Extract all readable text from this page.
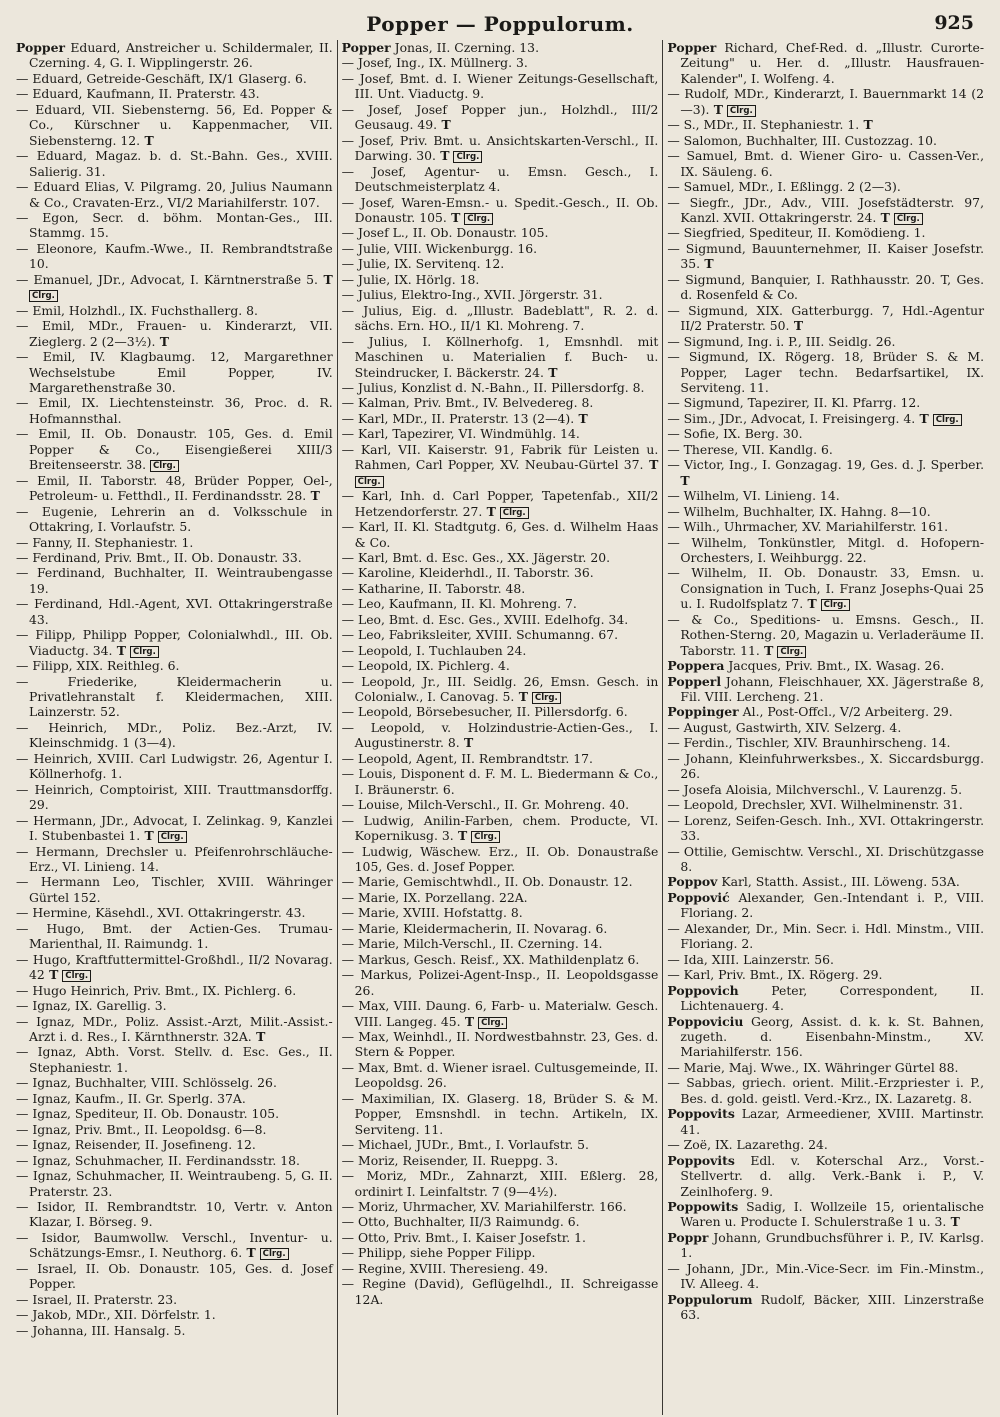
Popper — Poppulorum.	925
Popper Eduard, Anstreicher u. Schildermaler, II. Czerning. 4, G. I. Wipplingerstr. 26.
— Eduard, Getreide-Geschäft, IX/1 Glaserg. 6.
— Eduard, Kaufmann, II. Praterstr. 43.
— Eduard, VII. Siebensterng. 56, Ed. Popper & Co., Kürschner u. Kappenmacher, VII. Siebensterng. 12. T
— Eduard, Magaz. b. d. St.-Bahn. Ges., XVIII. Salierig. 31.
— Eduard Elias, V. Pilgramg. 20, Julius Naumann & Co., Cravaten-Erz., VI/2 Mariahilferstr. 107.
— Egon, Secr. d. böhm. Montan-Ges., III. Stammg. 15.
— Eleonore, Kaufm.-Wwe., II. Rembrandtstraße 10.
— Emanuel, JDr., Advocat, I. Kärntnerstraße 5. T Clrg.
— Emil, Holzhdl., IX. Fuchsthallerg. 8.
— Emil, MDr., Frauen- u. Kinderarzt, VII. Zieglerg. 2 (2—3½). T
— Emil, IV. Klagbaumg. 12, Margarethner Wechselstube Emil Popper, IV. Margarethenstraße 30.
— Emil, IX. Liechtensteinstr. 36, Proc. d. R. Hofmannsthal.
— Emil, II. Ob. Donaustr. 105, Ges. d. Emil Popper & Co., Eisengießerei XIII/3 Breitenseerstr. 38. Clrg.
— Emil, II. Taborstr. 48, Brüder Popper, Oel-, Petroleum- u. Fetthdl., II. Ferdinandsstr. 28. T
— Eugenie, Lehrerin an d. Volksschule in Ottakring, I. Vorlaufstr. 5.
— Fanny, II. Stephaniestr. 1.
— Ferdinand, Priv. Bmt., II. Ob. Donaustr. 33.
— Ferdinand, Buchhalter, II. Weintraubengasse 19.
— Ferdinand, Hdl.-Agent, XVI. Ottakringerstraße 43.
— Filipp, Philipp Popper, Colonialwhdl., III. Ob. Viaductg. 34. T Clrg.
— Filipp, XIX. Reithleg. 6.
— Friederike, Kleidermacherin u. Privatlehranstalt f. Kleidermachen, XIII. Lainzerstr. 52.
— Heinrich, MDr., Poliz. Bez.-Arzt, IV. Kleinschmidg. 1 (3—4).
— Heinrich, XVIII. Carl Ludwigstr. 26, Agentur I. Köllnerhofg. 1.
— Heinrich, Comptoirist, XIII. Trauttmansdorffg. 29.
— Hermann, JDr., Advocat, I. Zelinkag. 9, Kanzlei I. Stubenbastei 1. T Clrg.
— Hermann, Drechsler u. Pfeifenrohrschläuche-Erz., VI. Linieng. 14.
— Hermann Leo, Tischler, XVIII. Währinger Gürtel 152.
— Hermine, Käsehdl., XVI. Ottakringerstr. 43.
— Hugo, Bmt. der Actien-Ges. Trumau-Marienthal, II. Raimundg. 1.
— Hugo, Kraftfuttermittel-Großhdl., II/2 Novarag. 42 T Clrg.
— Hugo Heinrich, Priv. Bmt., IX. Pichlerg. 6.
— Ignaz, IX. Garellig. 3.
— Ignaz, MDr., Poliz. Assist.-Arzt, Milit.-Assist.-Arzt i. d. Res., I. Kärnthnerstr. 32A. T
— Ignaz, Abth. Vorst. Stellv. d. Esc. Ges., II. Stephaniestr. 1.
— Ignaz, Buchhalter, VIII. Schlösselg. 26.
— Ignaz, Kaufm., II. Gr. Sperlg. 37A.
— Ignaz, Spediteur, II. Ob. Donaustr. 105.
— Ignaz, Priv. Bmt., II. Leopoldsg. 6—8.
— Ignaz, Reisender, II. Josefineng. 12.
— Ignaz, Schuhmacher, II. Ferdinandsstr. 18.
— Ignaz, Schuhmacher, II. Weintraubeng. 5, G. II. Praterstr. 23.
— Isidor, II. Rembrandtstr. 10, Vertr. v. Anton Klazar, I. Börseg. 9.
— Isidor, Baumwollw. Verschl., Inventur- u. Schätzungs-Emsr., I. Neuthorg. 6. T Clrg.
— Israel, II. Ob. Donaustr. 105, Ges. d. Josef Popper.
— Israel, II. Praterstr. 23.
— Jakob, MDr., XII. Dörfelstr. 1.
— Johanna, III. Hansalg. 5.
Popper Jonas, II. Czerning. 13.
— Josef, Ing., IX. Müllnerg. 3.
— Josef, Bmt. d. I. Wiener Zeitungs-Gesellschaft, III. Unt. Viaductg. 9.
— Josef, Josef Popper jun., Holzhdl., III/2 Geusaug. 49. T
— Josef, Priv. Bmt. u. Ansichtskarten-Verschl., II. Darwing. 30. T Clrg.
— Josef, Agentur- u. Emsn. Gesch., I. Deutschmeisterplatz 4.
— Josef, Waren-Emsn.- u. Spedit.-Gesch., II. Ob. Donaustr. 105. T Clrg.
— Josef L., II. Ob. Donaustr. 105.
— Julie, VIII. Wickenburgg. 16.
— Julie, IX. Servitenq. 12.
— Julie, IX. Hörlg. 18.
— Julius, Elektro-Ing., XVII. Jörgerstr. 31.
— Julius, Eig. d. „Illustr. Badeblatt", R. 2. d. sächs. Ern. HO., II/1 Kl. Mohreng. 7.
— Julius, I. Köllnerhofg. 1, Emsnhdl. mit Maschinen u. Materialien f. Buch- u. Steindrucker, I. Bäckerstr. 24. T
— Julius, Konzlist d. N.-Bahn., II. Pillersdorfg. 8.
— Kalman, Priv. Bmt., IV. Belvedereg. 8.
— Karl, MDr., II. Praterstr. 13 (2—4). T
— Karl, Tapezirer, VI. Windmühlg. 14.
— Karl, VII. Kaiserstr. 91, Fabrik für Leisten u. Rahmen, Carl Popper, XV. Neubau-Gürtel 37. T Clrg.
— Karl, Inh. d. Carl Popper, Tapetenfab., XII/2 Hetzendorferstr. 27. T Clrg.
— Karl, II. Kl. Stadtgutg. 6, Ges. d. Wilhelm Haas & Co.
— Karl, Bmt. d. Esc. Ges., XX. Jägerstr. 20.
— Karoline, Kleiderhdl., II. Taborstr. 36.
— Katharine, II. Taborstr. 48.
— Leo, Kaufmann, II. Kl. Mohreng. 7.
— Leo, Bmt. d. Esc. Ges., XVIII. Edelhofg. 34.
— Leo, Fabriksleiter, XVIII. Schumanng. 67.
— Leopold, I. Tuchlauben 24.
— Leopold, IX. Pichlerg. 4.
— Leopold, Jr., III. Seidlg. 26, Emsn. Gesch. in Colonialw., I. Canovag. 5. T Clrg.
— Leopold, Börsebesucher, II. Pillersdorfg. 6.
— Leopold, v. Holzindustrie-Actien-Ges., I. Augustinerstr. 8. T
— Leopold, Agent, II. Rembrandtstr. 17.
— Louis, Disponent d. F. M. L. Biedermann & Co., I. Bräunerstr. 6.
— Louise, Milch-Verschl., II. Gr. Mohreng. 40.
— Ludwig, Anilin-Farben, chem. Producte, VI. Kopernikusg. 3. T Clrg.
— Ludwig, Wäschew. Erz., II. Ob. Donaustraße 105, Ges. d. Josef Popper.
— Marie, Gemischtwhdl., II. Ob. Donaustr. 12.
— Marie, IX. Porzellang. 22A.
— Marie, XVIII. Hofstattg. 8.
— Marie, Kleidermacherin, II. Novarag. 6.
— Marie, Milch-Verschl., II. Czerning. 14.
— Markus, Gesch. Reisf., XX. Mathildenplatz 6.
— Markus, Polizei-Agent-Insp., II. Leopoldsgasse 26.
— Max, VIII. Daung. 6, Farb- u. Materialw. Gesch. VIII. Langeg. 45. T Clrg.
— Max, Weinhdl., II. Nordwestbahnstr. 23, Ges. d. Stern & Popper.
— Max, Bmt. d. Wiener israel. Cultusgemeinde, II. Leopoldsg. 26.
— Maximilian, IX. Glaserg. 18, Brüder S. & M. Popper, Emsnshdl. in techn. Artikeln, IX. Serviteng. 11.
— Michael, JUDr., Bmt., I. Vorlaufstr. 5.
— Moriz, Reisender, II. Rueppg. 3.
— Moriz, MDr., Zahnarzt, XIII. Eßlerg. 28, ordinirt I. Leinfaltstr. 7 (9—4½).
— Moriz, Uhrmacher, XV. Mariahilferstr. 166.
— Otto, Buchhalter, II/3 Raimundg. 6.
— Otto, Priv. Bmt., I. Kaiser Josefstr. 1.
— Philipp, siehe Popper Filipp.
— Regine, XVIII. Theresieng. 49.
— Regine (David), Geflügelhdl., II. Schreigasse 12A.
Popper Richard, Chef-Red. d. „Illustr. Curorte-Zeitung" u. Her. d. „Illustr. Hausfrauen-Kalender", I. Wolfeng. 4.
— Rudolf, MDr., Kinderarzt, I. Bauernmarkt 14 (2—3). T Clrg.
— S., MDr., II. Stephaniestr. 1. T
— Salomon, Buchhalter, III. Custozzag. 10.
— Samuel, Bmt. d. Wiener Giro- u. Cassen-Ver., IX. Säuleng. 6.
— Samuel, MDr., I. Eßlingg. 2 (2—3).
— Siegfr., JDr., Adv., VIII. Josefstädterstr. 97, Kanzl. XVII. Ottakringerstr. 24. T Clrg.
— Siegfried, Spediteur, II. Komödieng. 1.
— Sigmund, Bauunternehmer, II. Kaiser Josefstr. 35. T
— Sigmund, Banquier, I. Rathhausstr. 20. T, Ges. d. Rosenfeld & Co.
— Sigmund, XIX. Gatterburgg. 7, Hdl.-Agentur II/2 Praterstr. 50. T
— Sigmund, Ing. i. P., III. Seidlg. 26.
— Sigmund, IX. Rögerg. 18, Brüder S. & M. Popper, Lager techn. Bedarfsartikel, IX. Serviteng. 11.
— Sigmund, Tapezirer, II. Kl. Pfarrg. 12.
— Sim., JDr., Advocat, I. Freisingerg. 4. T Clrg.
— Sofie, IX. Berg. 30.
— Therese, VII. Kandlg. 6.
— Victor, Ing., I. Gonzagag. 19, Ges. d. J. Sperber. T
— Wilhelm, VI. Linieng. 14.
— Wilhelm, Buchhalter, IX. Hahng. 8—10.
— Wilh., Uhrmacher, XV. Mariahilferstr. 161.
— Wilhelm, Tonkünstler, Mitgl. d. Hofopern-Orchesters, I. Weihburgg. 22.
— Wilhelm, II. Ob. Donaustr. 33, Emsn. u. Consignation in Tuch, I. Franz Josephs-Quai 25 u. I. Rudolfsplatz 7. T Clrg.
— & Co., Speditions- u. Emsns. Gesch., II. Rothen-Sterng. 20, Magazin u. Verladeräume II. Taborstr. 11. T Clrg.
Poppera Jacques, Priv. Bmt., IX. Wasag. 26.
Popperl Johann, Fleischhauer, XX. Jägerstraße 8, Fil. VIII. Lercheng. 21.
Poppinger Al., Post-Offcl., V/2 Arbeiterg. 29.
— August, Gastwirth, XIV. Selzerg. 4.
— Ferdin., Tischler, XIV. Braunhirscheng. 14.
— Johann, Kleinfuhrwerksbes., X. Siccardsburgg. 26.
— Josefa Aloisia, Milchverschl., V. Laurenzg. 5.
— Leopold, Drechsler, XVI. Wilhelminenstr. 31.
— Lorenz, Seifen-Gesch. Inh., XVI. Ottakringerstr. 33.
— Ottilie, Gemischtw. Verschl., XI. Drischützgasse 8.
Poppov Karl, Statth. Assist., III. Löweng. 53A.
Poppović Alexander, Gen.-Intendant i. P., VIII. Floriang. 2.
— Alexander, Dr., Min. Secr. i. Hdl. Minstm., VIII. Floriang. 2.
— Ida, XIII. Lainzerstr. 56.
— Karl, Priv. Bmt., IX. Rögerg. 29.
Poppovich Peter, Correspondent, II. Lichtenauerg. 4.
Poppoviciu Georg, Assist. d. k. k. St. Bahnen, zugeth. d. Eisenbahn-Minstm., XV. Mariahilferstr. 156.
— Marie, Maj. Wwe., IX. Währinger Gürtel 88.
— Sabbas, griech. orient. Milit.-Erzpriester i. P., Bes. d. gold. geistl. Verd.-Krz., IX. Lazaretg. 8.
Poppovits Lazar, Armeediener, XVIII. Martinstr. 41.
— Zoë, IX. Lazarethg. 24.
Poppovits Edl. v. Koterschal Arz., Vorst.-Stellvertr. d. allg. Verk.-Bank i. P., V. Zeinlhoferg. 9.
Poppowits Sadig, I. Wollzeile 15, orientalische Waren u. Producte I. Schulerstraße 1 u. 3. T
Poppr Johann, Grundbuchsführer i. P., IV. Karlsg. 1.
— Johann, JDr., Min.-Vice-Secr. im Fin.-Minstm., IV. Alleeg. 4.
Poppulorum Rudolf, Bäcker, XIII. Linzerstraße 63.
